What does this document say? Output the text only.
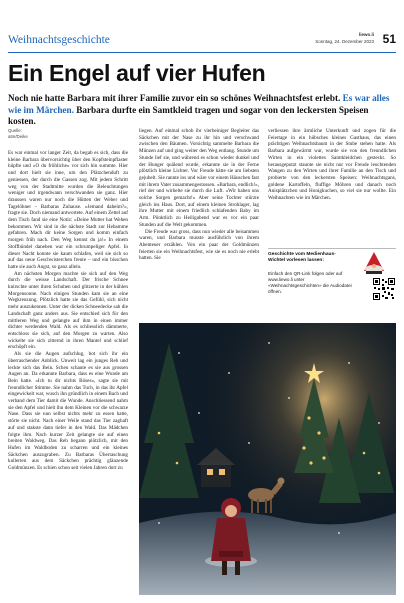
Weihnachtsgeschichte	liewo.li
Sonntag, 24. Dezember 2023 51
Ein Engel auf vier Hufen

Noch nie hatte Barbara mit ihrer Familie zuvor ein so schönes Weihnachtsfest erlebt. Es war alles wie im Märchen. Barbara durfte ein Samtkleid tragen und sogar von den leckersten Speisen kosten.

Quelle:
atm/Deike

Es war einmal vor langer Zeit, da begab es sich, dass die kleine Barbara übervorsichtig über den Kopfsteinpflaster hüpfte und «O du fröhliche» vor sich hin summte. Hier und dort hielt sie inne, um den Plätzchenduft zu geniessen, der durch die Gassen zog. Mit jedem Schritt weg von der Stadtmitte wurden die Beleuchtungen weniger und irgendwann verschwanden sie ganz. Hier draussen waren nur noch die Hütten der Weber und Tagelöhner – Barbaras Zuhause. «Jemand daheim?», fragte sie. Doch niemand antwortete. Auf einem Zettel auf dem Tisch fand sie eine Notiz: «Deine Mutter hat Wehen bekommen. Wir sind in die nächste Stadt zur Hebamme gefahren. Mach dir keine Sorgen und komm einfach morgen früh nach. Den Weg kennst du ja!» In einem Stoffbündel daneben war ein schrumpeliger Apfel. In dieser Nacht konnte sie kaum schlafen, weil sie sich so auf das neue Geschwisterchen freute – und ein bisschen hatte sie auch Angst, so ganz allein.

Am nächsten Morgen machte sie sich auf den Weg durch die weisse Landschaft. Der frische Schnee knirschte unter ihren Schuhen und glitzerte in der kühlen Morgensonne. Nach einigen Stunden kam sie an eine Wegkreuzung. Plötzlich hatte sie das Gefühl, sich nicht mehr auszukennen. Unter der dicken Schneedecke sah die Landschaft ganz anders aus. Sie entschied sich für den mittleren Weg und gelangte auf ihm in einen immer dichter werdenden Wald. Als es schliesslich dämmerte, entschloss sie sich, auf den Morgen zu warten. Also wickelte sie sich zitternd in ihren Mantel und schlief erschöpft ein.

Als sie die Augen aufschlug, bot sich ihr ein überraschender Anblick. Unweit lag ein junges Reh und leckte sich das Bein. Scheu schaute es sie aus grossen Augen an. Da erkannte Barbara, dass es eine Wunde am Bein hatte. «Ich tu dir nichts Böses», sagte sie mit freundlicher Stimme. Sie nahm das Tuch, in das ihr Apfel eingewickelt war, wusch ihn gründlich in einem Bach und verband dem Tier damit die Wunde. Anschliessend nahm sie den Apfel und hielt ihn dem Kleinen vor die schwarze Nase. Dass sie nun selbst nichts mehr zu essen hatte, störte sie nicht. Nach einer Weile stand das Tier zaghaft auf und stakste dann tiefer in den Wald. Das Mädchen folgte ihm. Nach kurzer Zeit gelangte sie auf einen breiten Waldweg. Das Reh begann plötzlich, mit den Hufen im Waldboden zu scharren und ein kleines Säckchen auszugraben. Zu Barbaras Überraschung kullerten aus dem Säckchen prächtig glänzende Goldmünzen. Es schien schon seit vielen Jahren dort zu

liegen. Auf einmal schob ihr vierbeiniger Begleiter das Säckchen mit der Nase zu ihr hin und verschwand zwischen den Bäumen. Vorsichtig sammelte Barbara die Münzen auf und ging weiter den Weg entlang. Stunde um Stunde lief sie, und während es schon wieder dunkel und der Hunger quälend wurde, erkannte sie in der Ferne plötzlich kleine Lichter. Vor Freude hätte sie am liebsten gejubelt. Sie rannte los und wäre vor einem Häuschen fast mit ihrem Vater zusammengestossen. «Barbara, endlich!», rief der und wirbelte sie durch die Luft. «Wir haben uns solche Sorgen gemacht!» Aber seine Tochter stürzte gleich ins Haus. Dort, auf einem kleinen Strohlager, lag ihre Mutter mit einem friedlich schlafenden Baby im Arm. Pünktlich zu Heiligabend war es vor ein paar Stunden auf die Welt gekommen.

Die Freude war gross, dass nun wieder alle beisammen waren, und Barbara musste ausführlich von ihrem Abenteuer erzählen. Von ein paar der Goldmünzen feierten sie ein Weihnachtsfest, wie sie es noch nie erlebt hatten. Sie

verliessen ihre ärmliche Unterkunft und zogen für die Feiertage in ein hübsches kleines Gasthaus, das einen prächtigen Weihnachtsbaum in der Stube stehen hatte. Als Barbara aufgewärmt war, wurde sie von den freundlichen Wirten in ein violettes Samtkleidchen gesteckt. So herausgeputzt staunte sie nicht nur vor Freude leuchtenden Wangen zu den Wirten und ihrer Familie an den Tisch und probierte von den leckersten Speisen: Weihnachtsgans, goldene Kartoffeln, fluffige Möhren und danach noch Anisplätzchen und Honigkuchen, so viel sie nur wollte. Ein Weihnachten wie im Märchen.

Geschichte vom Medienhaus-Wichtel vorlesen lassen:
Einfach den QR-Link folgen oder auf www.liewo.li unter «Weihnachtsgeschichten» die Audiodatei öffnen.
